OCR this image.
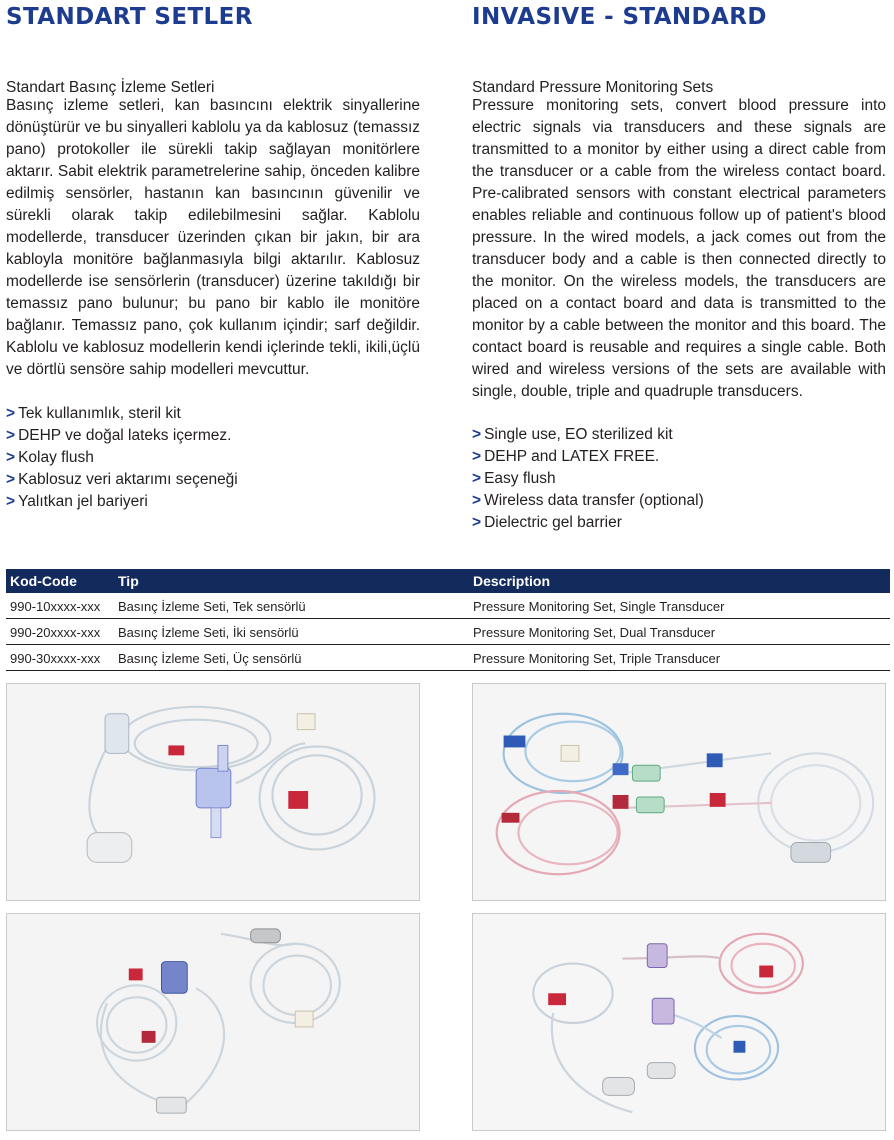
STANDART SETLER
Standart Basınç İzleme Setleri
Basınç izleme setleri, kan basıncını elektrik sinyallerine dönüştürür ve bu sinyalleri kablolu ya da kablosuz (temassız pano) protokoller ile sürekli takip sağlayan monitörlere aktarır. Sabit elektrik parametrelerine sahip, önceden kalibre edilmiş sensörler, hastanın kan basıncının güvenilir ve sürekli olarak takip edilebilmesini sağlar. Kablolu modellerde, transducer üzerinden çıkan bir jakın, bir ara kabloyla monitöre bağlanmasıyla bilgi aktarılır. Kablosuz modellerde ise sensörlerin (transducer) üzerine takıldığı bir temassız pano bulunur; bu pano bir kablo ile monitöre bağlanır. Temassız pano, çok kullanım içindir; sarf değildir. Kablolu ve kablosuz modellerin kendi içlerinde tekli, ikili,üçlü ve dörtlü sensöre sahip modelleri mevcuttur.
> Tek kullanımlık, steril kit
> DEHP ve doğal lateks içermez.
> Kolay flush
> Kablosuz veri aktarımı seçeneği
> Yalıtkan jel bariyeri
INVASIVE - STANDARD
Standard Pressure Monitoring Sets
Pressure monitoring sets, convert blood pressure into electric signals via transducers and these signals are transmitted to a monitor by either using a direct cable from the transducer or a cable from the wireless contact board. Pre-calibrated sensors with constant electrical parameters enables reliable and continuous follow up of patient's blood pressure. In the wired models, a jack comes out from the transducer body and a cable is then connected directly to the monitor. On the wireless models, the transducers are placed on a contact board and data is transmitted to the monitor by a cable between the monitor and this board. The contact board is reusable and requires a single cable. Both wired and wireless versions of the sets are available with single, double, triple and quadruple transducers.
> Single use, EO sterilized kit
> DEHP and LATEX FREE.
> Easy flush
> Wireless data transfer (optional)
> Dielectric gel barrier
Kod-Code	Tip	Description
990-10xxxx-xxx Basınç İzleme Seti, Tek sensörlü	Pressure Monitoring Set, Single Transducer
990-20xxxx-xxx Basınç İzleme Seti, İki sensörlü	Pressure Monitoring Set, Dual Transducer
990-30xxxx-xxx Basınç İzleme Seti, Üç sensörlü	Pressure Monitoring Set, Triple Transducer
